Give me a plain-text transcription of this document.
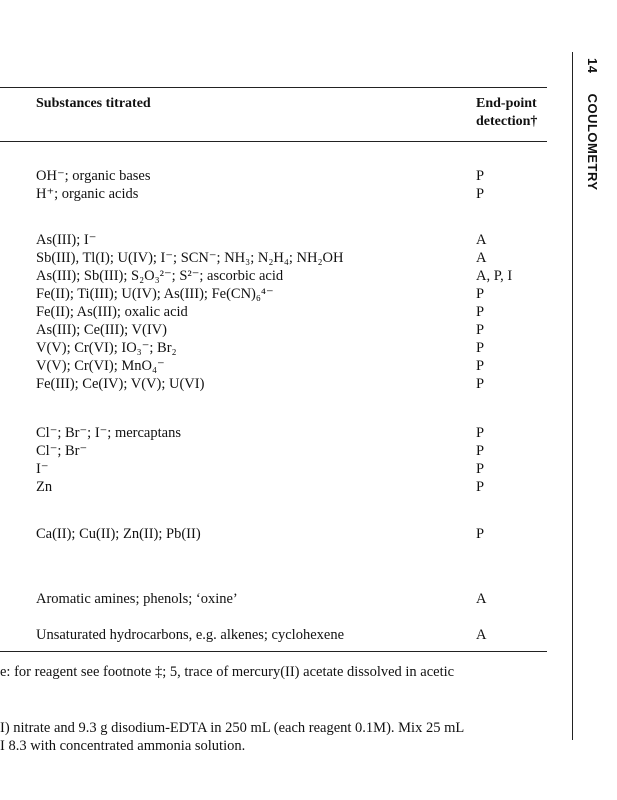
Substances titrated	End-point
detection†
OH⁻; organic bases	P
H⁺; organic acids	P
As(III); I⁻	A
Sb(III), Tl(I); U(IV); I⁻; SCN⁻; NH₃; N₂H₄; NH₂OH	A
As(III); Sb(III); S₂O₃²⁻; S²⁻; ascorbic acid	A, P, I
Fe(II); Ti(III); U(IV); As(III); Fe(CN)₆⁴⁻	P
Fe(II); As(III); oxalic acid	P
As(III); Ce(III); V(IV)	P
V(V); Cr(VI); IO₃⁻; Br₂	P
V(V); Cr(VI); MnO₄⁻	P
Fe(III); Ce(IV); V(V); U(VI)	P
Cl⁻; Br⁻; I⁻; mercaptans	P
Cl⁻; Br⁻	P
I⁻	P
Zn	P
Ca(II); Cu(II); Zn(II); Pb(II)	P
Aromatic amines; phenols; ‘oxine’	A
Unsaturated hydrocarbons, e.g. alkenes; cyclohexene	A
e: for reagent see footnote ‡; 5, trace of mercury(II) acetate dissolved in acetic
I) nitrate and 9.3 g disodium-EDTA in 250 mL (each reagent 0.1M). Mix 25 mL
I 8.3 with concentrated ammonia solution.
14 COULOMETRY
